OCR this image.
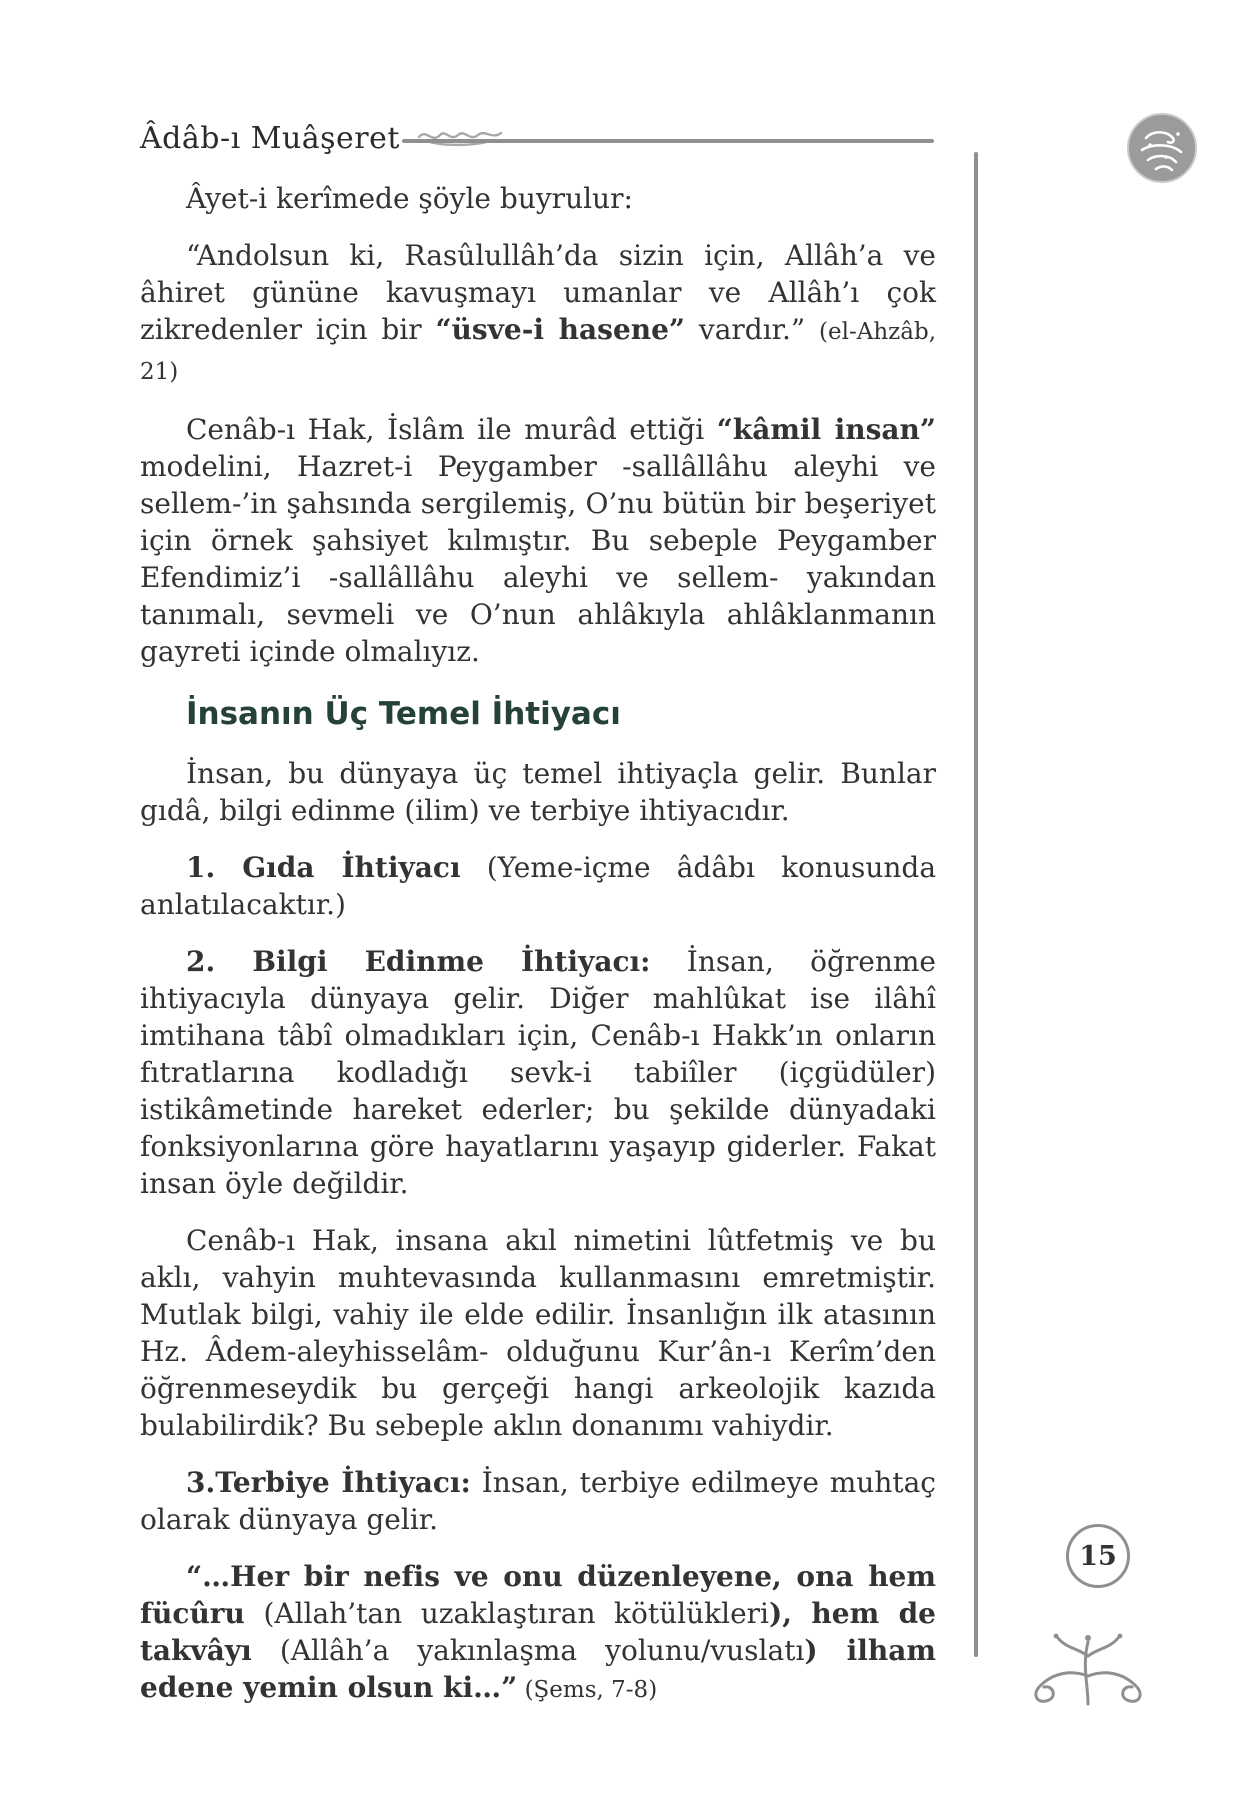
Âdâb-ı Muâşeret

Âyet-i kerîmede şöyle buyrulur:

“Andolsun ki, Rasûlullâh’da sizin için, Allâh’a ve âhiret gününe kavuşmayı umanlar ve Allâh’ı çok zikredenler için bir “üsve-i hasene” vardır.” (el-Ahzâb, 21)

Cenâb-ı Hak, İslâm ile murâd ettiği “kâmil insan” modelini, Hazret-i Peygamber -sallâllâhu aleyhi ve sellem-’in şahsında sergilemiş, O’nu bütün bir beşeriyet için örnek şahsiyet kılmıştır. Bu sebeple Peygamber Efendimiz’i -sallâllâhu aleyhi ve sellem- yakından tanımalı, sevmeli ve O’nun ahlâkıyla ahlâklanmanın gayreti içinde olmalıyız.

İnsanın Üç Temel İhtiyacı

İnsan, bu dünyaya üç temel ihtiyaçla gelir. Bunlar gıdâ, bilgi edinme (ilim) ve terbiye ihtiyacıdır.

1. Gıda İhtiyacı (Yeme-içme âdâbı konusunda anlatılacaktır.)

2. Bilgi Edinme İhtiyacı: İnsan, öğrenme ihtiyacıyla dünyaya gelir. Diğer mahlûkat ise ilâhî imtihana tâbî olmadıkları için, Cenâb-ı Hakk’ın onların fıtratlarına kodladığı sevk-i tabiîler (içgüdüler) istikâmetinde hareket ederler; bu şekilde dünyadaki fonksiyonlarına göre hayatlarını yaşayıp giderler. Fakat insan öyle değildir.

Cenâb-ı Hak, insana akıl nimetini lûtfetmiş ve bu aklı, vahyin muhtevasında kullanmasını emretmiştir. Mutlak bilgi, vahiy ile elde edilir. İnsanlığın ilk atasının Hz. Âdem-aleyhisselâm- olduğunu Kur’ân-ı Kerîm’den öğrenmeseydik bu gerçeği hangi arkeolojik kazıda bulabilirdik? Bu sebeple aklın donanımı vahiydir.

3.Terbiye İhtiyacı: İnsan, terbiye edilmeye muhtaç olarak dünyaya gelir.

“…Her bir nefis ve onu düzenleyene, ona hem fücûru (Allah’tan uzaklaştıran kötülükleri), hem de takvâyı (Allâh’a yakınlaşma yolunu/vuslatı) ilham edene yemin olsun ki…” (Şems, 7-8)

15
